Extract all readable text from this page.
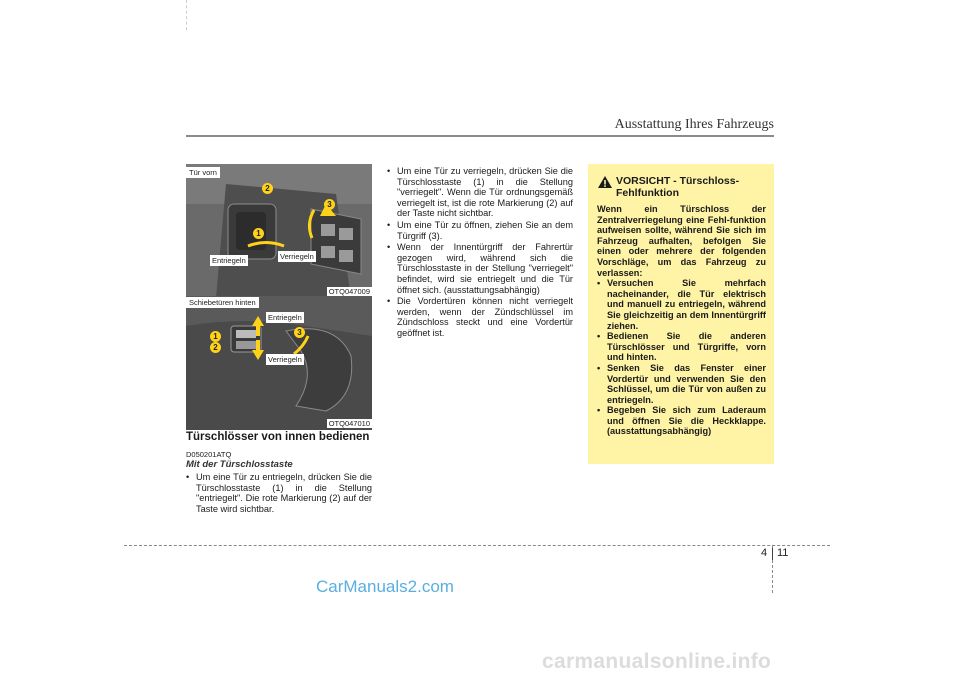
Ausstattung Ihres Fahrzeugs
Tür vorn
2
3
1
Entriegeln	Verriegeln
OTQ047009
Schiebetüren hinten
Entriegeln
1	3
2
Verriegeln
OTQ047010
Türschlösser von innen bedienen
D050201ATQ
Mit der Türschlosstaste
• Um eine Tür zu entriegeln, drücken Sie die Türschlosstaste (1) in die Stellung "entriegelt". Die rote Markierung (2) auf der Taste wird sichtbar.
• Um eine Tür zu verriegeln, drücken Sie die Türschlosstaste (1) in die Stellung "verriegelt". Wenn die Tür ordnungsgemäß verriegelt ist, ist die rote Markierung (2) auf der Taste nicht sichtbar.
• Um eine Tür zu öffnen, ziehen Sie an dem Türgriff (3).
• Wenn der Innentürgriff der Fahrertür gezogen wird, während sich die Türschlosstaste in der Stellung "verriegelt" befindet, wird sie entriegelt und die Tür öffnet sich. (ausstattungsabhängig)
• Die Vordertüren können nicht verriegelt werden, wenn der Zündschlüssel im Zündschloss steckt und eine Vordertür geöffnet ist.
VORSICHT - Türschloss-Fehlfunktion
Wenn ein Türschloss der Zentralverriegelung eine Fehl-funktion aufweisen sollte, während Sie sich im Fahrzeug aufhalten, befolgen Sie einen oder mehrere der folgenden Vorschläge, um das Fahrzeug zu verlassen:
• Versuchen Sie mehrfach nacheinander, die Tür elektrisch und manuell zu entriegeln, während Sie gleichzeitig an dem Innentürgriff ziehen.
• Bedienen Sie die anderen Türschlösser und Türgriffe, vorn und hinten.
• Senken Sie das Fenster einer Vordertür und verwenden Sie den Schlüssel, um die Tür von außen zu entriegeln.
• Begeben Sie sich zum Laderaum und öffnen Sie die Heckklappe. (ausstattungsabhängig)
4 11
CarManuals2.com
carmanualsonline.info
